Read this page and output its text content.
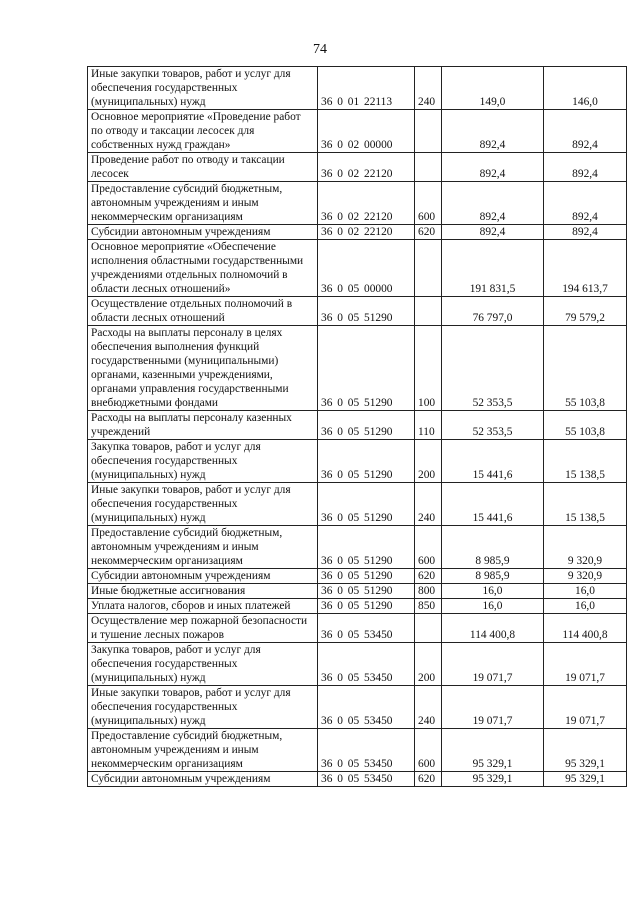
74
Иные закупки товаров, работ и услуг для обеспечения государственных (муниципальных) нужд	36 0 01 22113	240	149,0	146,0
Основное мероприятие «Проведение работ по отводу и таксации лесосек для собственных нужд граждан»	36 0 02 00000		892,4	892,4
Проведение работ по отводу и таксации лесосек	36 0 02 22120		892,4	892,4
Предоставление субсидий бюджетным, автономным учреждениям и иным некоммерческим организациям	36 0 02 22120	600	892,4	892,4
Субсидии автономным учреждениям	36 0 02 22120	620	892,4	892,4
Основное мероприятие «Обеспечение исполнения областными государственными учреждениями отдельных полномочий в области лесных отношений»	36 0 05 00000		191 831,5	194 613,7
Осуществление отдельных полномочий в области лесных отношений	36 0 05 51290		76 797,0	79 579,2
Расходы на выплаты персоналу в целях обеспечения выполнения функций государственными (муниципальными) органами, казенными учреждениями, органами управления государственными внебюджетными фондами	36 0 05 51290	100	52 353,5	55 103,8
Расходы на выплаты персоналу казенных учреждений	36 0 05 51290	110	52 353,5	55 103,8
Закупка товаров, работ и услуг для обеспечения государственных (муниципальных) нужд	36 0 05 51290	200	15 441,6	15 138,5
Иные закупки товаров, работ и услуг для обеспечения государственных (муниципальных) нужд	36 0 05 51290	240	15 441,6	15 138,5
Предоставление субсидий бюджетным, автономным учреждениям и иным некоммерческим организациям	36 0 05 51290	600	8 985,9	9 320,9
Субсидии автономным учреждениям	36 0 05 51290	620	8 985,9	9 320,9
Иные бюджетные ассигнования	36 0 05 51290	800	16,0	16,0
Уплата налогов, сборов и иных платежей	36 0 05 51290	850	16,0	16,0
Осуществление мер пожарной безопасности и тушение лесных пожаров	36 0 05 53450		114 400,8	114 400,8
Закупка товаров, работ и услуг для обеспечения государственных (муниципальных) нужд	36 0 05 53450	200	19 071,7	19 071,7
Иные закупки товаров, работ и услуг для обеспечения государственных (муниципальных) нужд	36 0 05 53450	240	19 071,7	19 071,7
Предоставление субсидий бюджетным, автономным учреждениям и иным некоммерческим организациям	36 0 05 53450	600	95 329,1	95 329,1
Субсидии автономным учреждениям	36 0 05 53450	620	95 329,1	95 329,1
